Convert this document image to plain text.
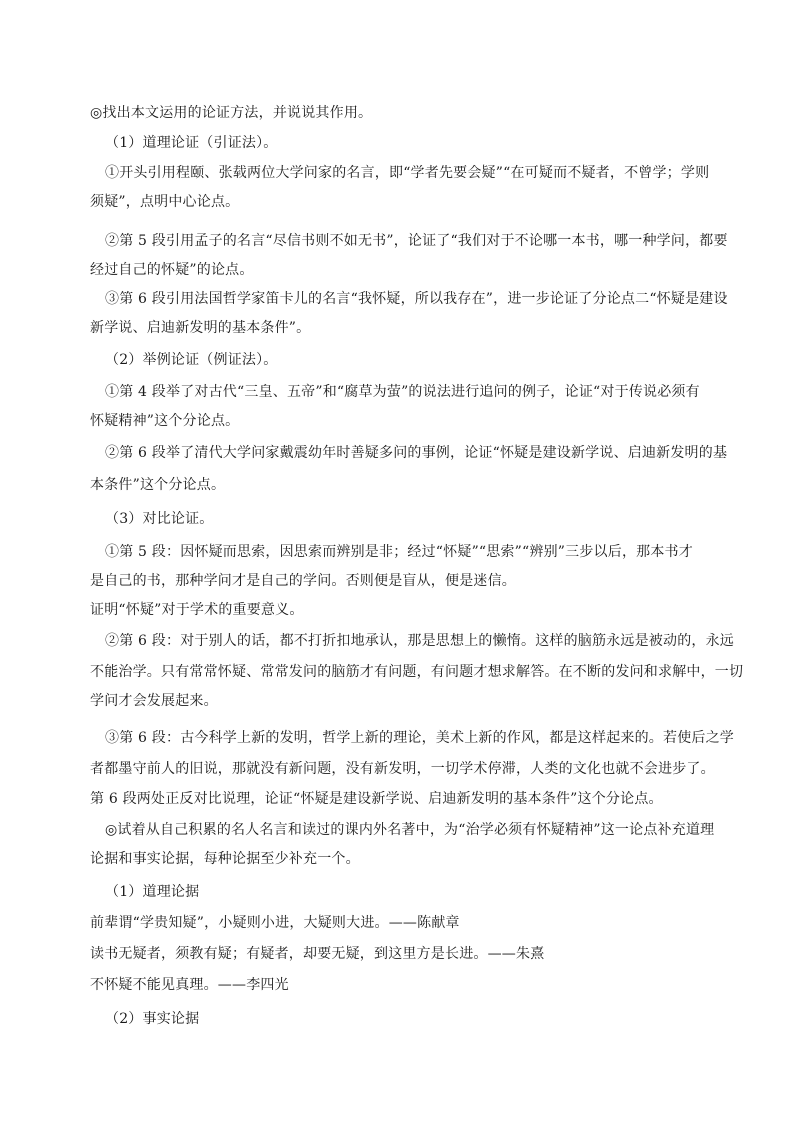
◎找出本文运用的论证方法，并说说其作用。
（1）道理论证（引证法）。
①开头引用程颐、张载两位大学问家的名言，即“学者先要会疑”“在可疑而不疑者，不曾学；学则
须疑”，点明中心论点。
②第 5 段引用孟子的名言“尽信书则不如无书”，论证了“我们对于不论哪一本书，哪一种学问，都要
经过自己的怀疑”的论点。
③第 6 段引用法国哲学家笛卡儿的名言“我怀疑，所以我存在”，进一步论证了分论点二“怀疑是建设
新学说、启迪新发明的基本条件”。
（2）举例论证（例证法）。
①第 4 段举了对古代“三皇、五帝”和“腐草为萤”的说法进行追问的例子，论证“对于传说必须有
怀疑精神”这个分论点。
②第 6 段举了清代大学问家戴震幼年时善疑多问的事例，论证“怀疑是建设新学说、启迪新发明的基
本条件”这个分论点。
（3）对比论证。
①第 5 段：因怀疑而思索，因思索而辨别是非；经过“怀疑”“思索”“辨别”三步以后，那本书才
是自己的书，那种学问才是自己的学问。否则便是盲从，便是迷信。
证明“怀疑”对于学术的重要意义。
②第 6 段：对于别人的话，都不打折扣地承认，那是思想上的懒惰。这样的脑筋永远是被动的，永远
不能治学。只有常常怀疑、常常发问的脑筋才有问题，有问题才想求解答。在不断的发问和求解中，一切
学问才会发展起来。
③第 6 段：古今科学上新的发明，哲学上新的理论，美术上新的作风，都是这样起来的。若使后之学
者都墨守前人的旧说，那就没有新问题，没有新发明，一切学术停滞，人类的文化也就不会进步了。
第 6 段两处正反对比说理，论证“怀疑是建设新学说、启迪新发明的基本条件”这个分论点。
◎试着从自己积累的名人名言和读过的课内外名著中，为“治学必须有怀疑精神”这一论点补充道理
论据和事实论据，每种论据至少补充一个。
（1）道理论据
前辈谓“学贵知疑”，小疑则小进，大疑则大进。——陈献章
读书无疑者，须教有疑；有疑者，却要无疑，到这里方是长进。——朱熹
不怀疑不能见真理。——李四光
（2）事实论据
